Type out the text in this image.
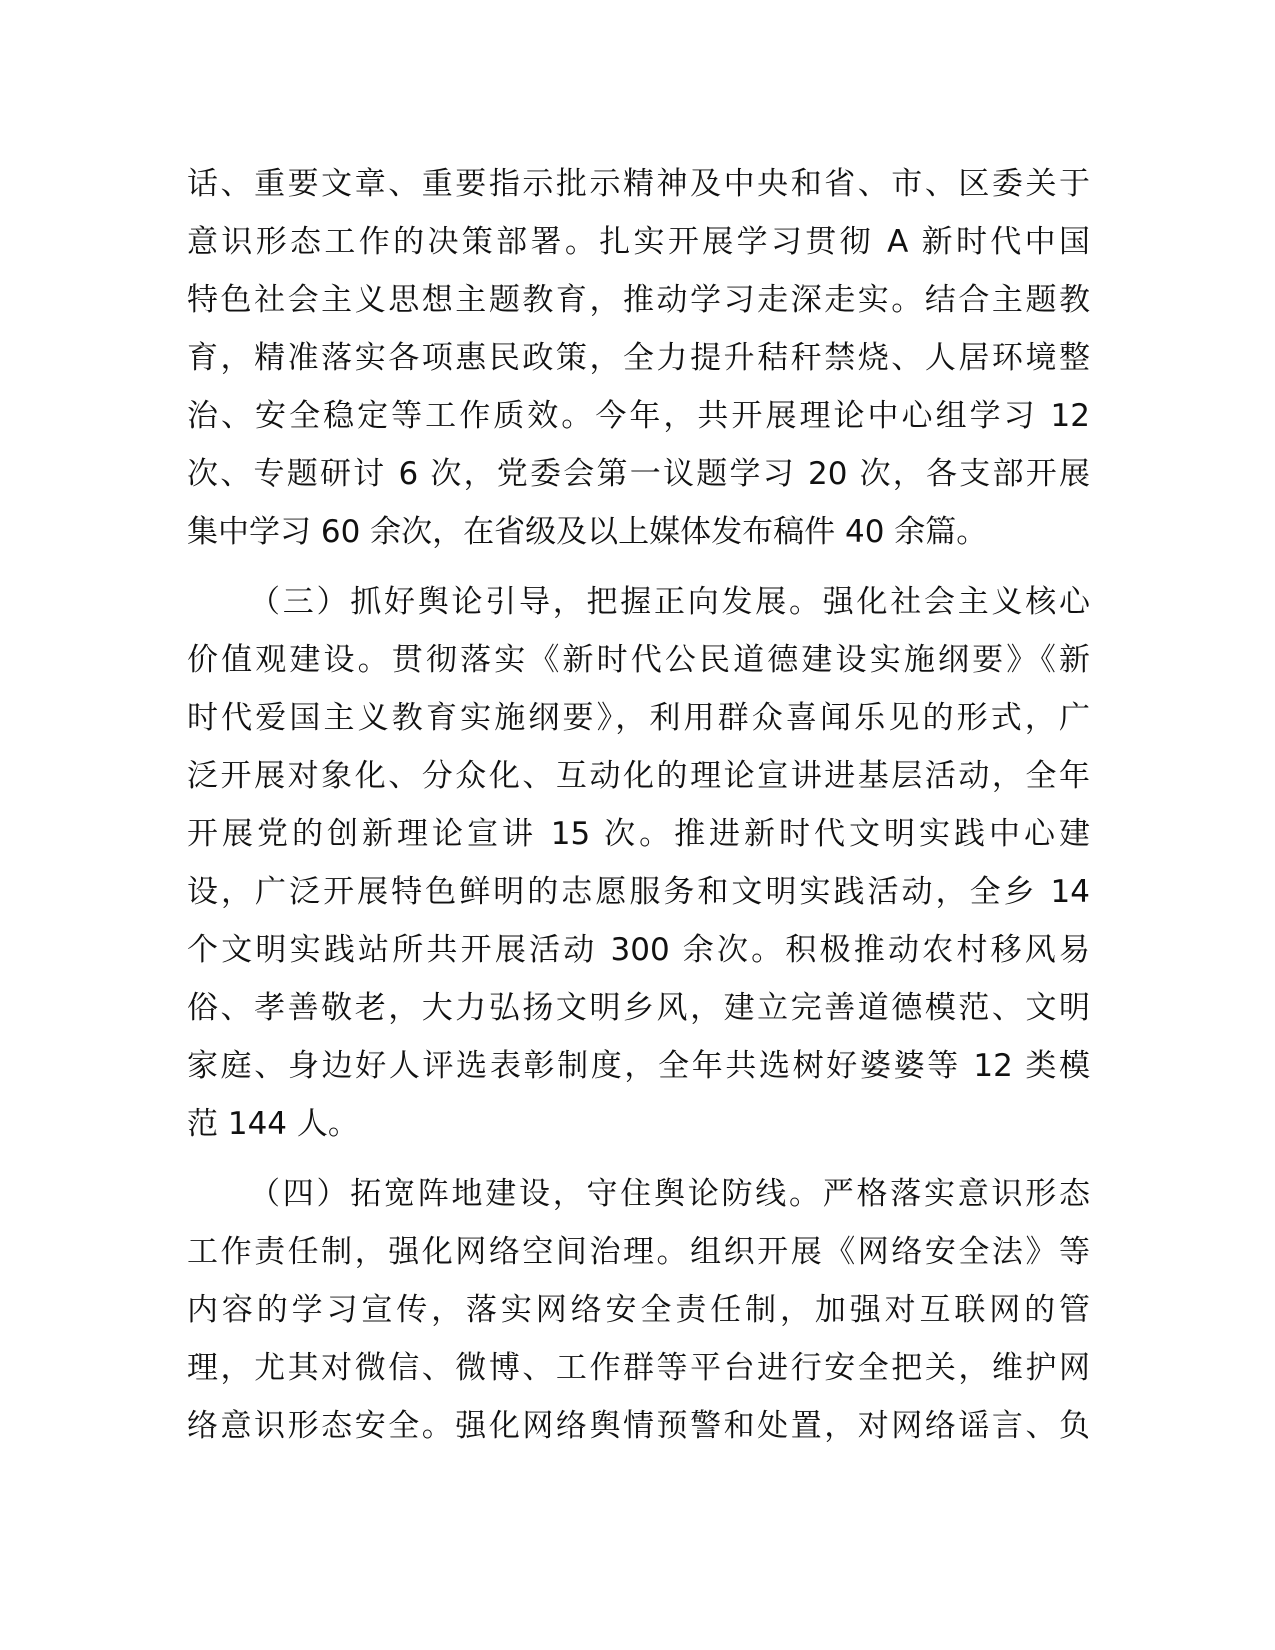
话、重要文章、重要指示批示精神及中央和省、市、区委关于
意识形态工作的决策部署。扎实开展学习贯彻 A 新时代中国
特色社会主义思想主题教育，推动学习走深走实。结合主题教
育，精准落实各项惠民政策，全力提升秸秆禁烧、人居环境整
治、安全稳定等工作质效。今年，共开展理论中心组学习 12
次、专题研讨 6 次，党委会第一议题学习 20 次，各支部开展
集中学习 60 余次，在省级及以上媒体发布稿件 40 余篇。
（三）抓好舆论引导，把握正向发展。强化社会主义核心
价值观建设。贯彻落实《新时代公民道德建设实施纲要》《新
时代爱国主义教育实施纲要》，利用群众喜闻乐见的形式，广
泛开展对象化、分众化、互动化的理论宣讲进基层活动，全年
开展党的创新理论宣讲 15 次。推进新时代文明实践中心建
设，广泛开展特色鲜明的志愿服务和文明实践活动，全乡 14
个文明实践站所共开展活动 300 余次。积极推动农村移风易
俗、孝善敬老，大力弘扬文明乡风，建立完善道德模范、文明
家庭、身边好人评选表彰制度，全年共选树好婆婆等 12 类模
范 144 人。
（四）拓宽阵地建设，守住舆论防线。严格落实意识形态
工作责任制，强化网络空间治理。组织开展《网络安全法》等
内容的学习宣传，落实网络安全责任制，加强对互联网的管
理，尤其对微信、微博、工作群等平台进行安全把关，维护网
络意识形态安全。强化网络舆情预警和处置，对网络谣言、负
